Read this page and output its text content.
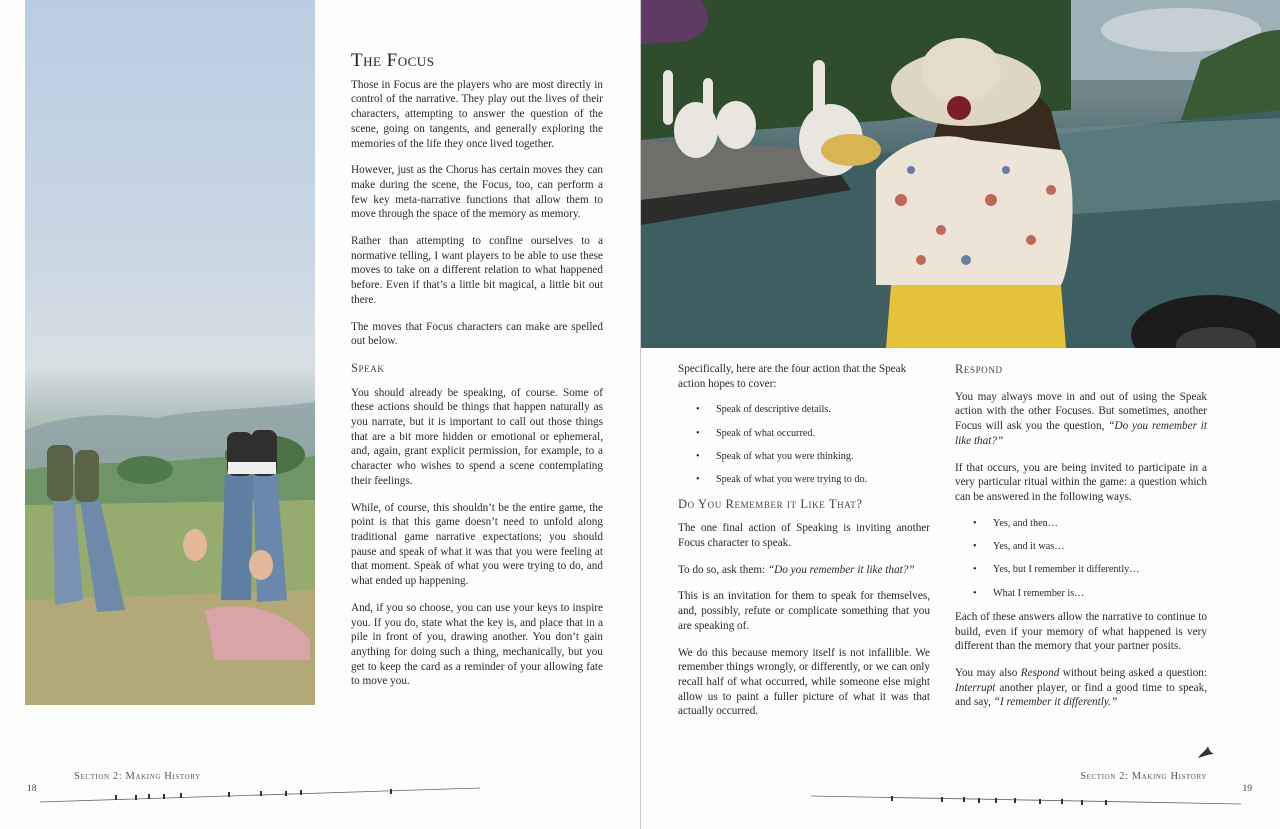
The Focus

Those in Focus are the players who are most directly in control of the narrative. They play out the lives of their characters, attempting to answer the question of the scene, going on tangents, and generally exploring the memories of the life they once lived together.

However, just as the Chorus has certain moves they can make during the scene, the Focus, too, can perform a few key meta-narrative functions that allow them to move through the space of the memory as memory.

Rather than attempting to confine ourselves to a normative telling, I want players to be able to use these moves to take on a different relation to what happened before. Even if that’s a little bit magical, a little bit out there.

The moves that Focus characters can make are spelled out below.

Speak

You should already be speaking, of course. Some of these actions should be things that happen naturally as you narrate, but it is important to call out those things that are a bit more hidden or emotional or ephemeral, and, again, grant explicit permission, for example, to a character who wishes to spend a scene contemplating their feelings.

While, of course, this shouldn’t be the entire game, the point is that this game doesn’t need to unfold along traditional game narrative expectations; you should pause and speak of what it was that you were feeling at that moment. Speak of what you were trying to do, and what ended up happening.

And, if you so choose, you can use your keys to inspire you. If you do, state what the key is, and place that in a pile in front of you, drawing another. You don’t gain anything for doing such a thing, mechanically, but you get to keep the card as a reminder of your allowing fate to move you.

Section 2: Making History
18

Specifically, here are the four action that the Speak action hopes to cover:

• Speak of descriptive details.
• Speak of what occurred.
• Speak of what you were thinking.
• Speak of what you were trying to do.
Do You Remember it Like That?

The one final action of Speaking is inviting another Focus character to speak.

To do so, ask them: “Do you remember it like that?”

This is an invitation for them to speak for themselves, and, possibly, refute or complicate something that you are speaking of.

We do this because memory itself is not infallible. We remember things wrongly, or differently, or we can only recall half of what occurred, while someone else might allow us to paint a fuller picture of what it was that actually occurred.

Respond

You may always move in and out of using the Speak action with the other Focuses. But sometimes, another Focus will ask you the question, “Do you remember it like that?”

If that occurs, you are being invited to participate in a very particular ritual within the game: a question which can be answered in the following ways.

• Yes, and then…
• Yes, and it was…
• Yes, but I remember it differently…
• What I remember is…

Each of these answers allow the narrative to continue to build, even if your memory of what happened is very different than the memory that your partner posits.

You may also Respond without being asked a question: Interrupt another player, or find a good time to speak, and say, “I remember it differently.”

Section 2: Making History
19
